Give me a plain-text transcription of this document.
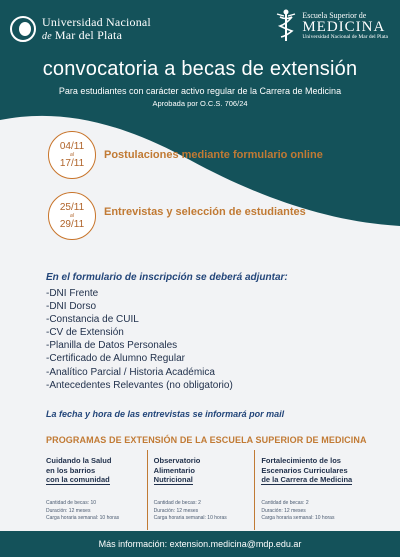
Universidad Nacional
de Mar del Plata
Escuela Superior de
MEDICINA
Universidad Nacional de Mar del Plata
convocatoria a becas de extensión
Para estudiantes con carácter activo regular de la Carrera de Medicina
Aprobada por O.C.S. 706/24
04/11
al
17/11
Postulaciones mediante formulario online
25/11
al
29/11
Entrevistas y selección de estudiantes
En el formulario de inscripción se deberá adjuntar:
-DNI Frente
-DNI Dorso
-Constancia de CUIL
-CV de Extensión
-Planilla de Datos Personales
-Certificado de Alumno Regular
-Analítico Parcial / Historia Académica
-Antecedentes Relevantes (no obligatorio)
La fecha y hora de las entrevistas se informará por mail
PROGRAMAS DE EXTENSIÓN DE LA ESCUELA SUPERIOR DE MEDICINA
Cuidando la Salud
en los barrios
con la comunidad
Cantidad de becas: 10
Duración: 12 meses
Carga horaria semanal: 10 horas
Observatorio
Alimentario
Nutricional
Cantidad de becas: 2
Duración: 12 meses
Carga horaria semanal: 10 horas
Fortalecimiento de los
Escenarios Curriculares
de la Carrera de Medicina
Cantidad de becas: 2
Duración: 12 meses
Carga horaria semanal: 10 horas
Más información: extension.medicina@mdp.edu.ar
